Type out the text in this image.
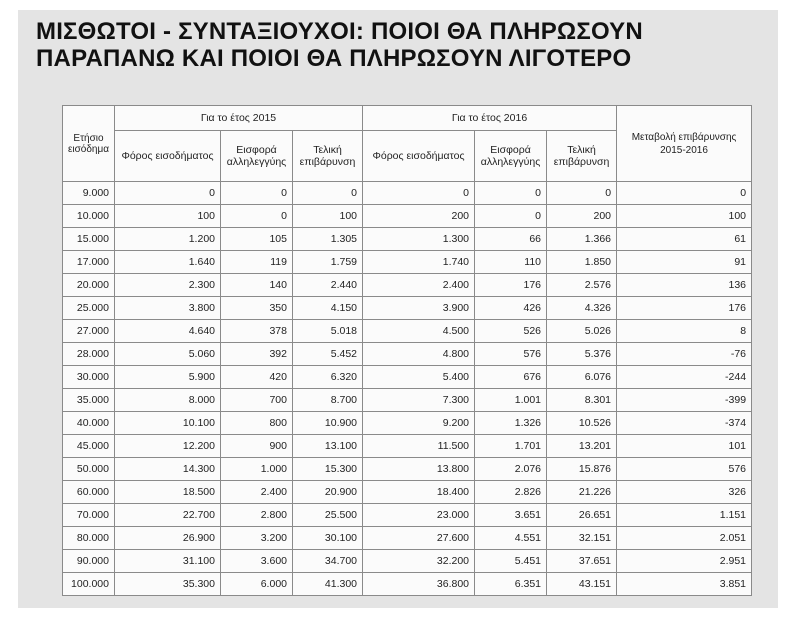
ΜΙΣΘΩΤΟΙ - ΣΥΝΤΑΞΙΟΥΧΟΙ: ΠΟΙΟΙ ΘΑ ΠΛΗΡΩΣΟΥΝ
ΠΑΡΑΠΑΝΩ ΚΑΙ ΠΟΙΟΙ ΘΑ ΠΛΗΡΩΣΟΥΝ ΛΙΓΟΤΕΡΟ
Ετήσιο εισόδημα	Για το έτος 2015			Για το έτος 2016			Μεταβολή επιβάρυνσης 2015-2016
	Φόρος εισοδήματος	Εισφορά αλληλεγγύης	Τελική επιβάρυνση	Φόρος εισοδήματος	Εισφορά αλληλεγγύης	Τελική επιβάρυνση	
9.000	0	0	0	0	0	0	0
10.000	100	0	100	200	0	200	100
15.000	1.200	105	1.305	1.300	66	1.366	61
17.000	1.640	119	1.759	1.740	110	1.850	91
20.000	2.300	140	2.440	2.400	176	2.576	136
25.000	3.800	350	4.150	3.900	426	4.326	176
27.000	4.640	378	5.018	4.500	526	5.026	8
28.000	5.060	392	5.452	4.800	576	5.376	-76
30.000	5.900	420	6.320	5.400	676	6.076	-244
35.000	8.000	700	8.700	7.300	1.001	8.301	-399
40.000	10.100	800	10.900	9.200	1.326	10.526	-374
45.000	12.200	900	13.100	11.500	1.701	13.201	101
50.000	14.300	1.000	15.300	13.800	2.076	15.876	576
60.000	18.500	2.400	20.900	18.400	2.826	21.226	326
70.000	22.700	2.800	25.500	23.000	3.651	26.651	1.151
80.000	26.900	3.200	30.100	27.600	4.551	32.151	2.051
90.000	31.100	3.600	34.700	32.200	5.451	37.651	2.951
100.000	35.300	6.000	41.300	36.800	6.351	43.151	3.851
